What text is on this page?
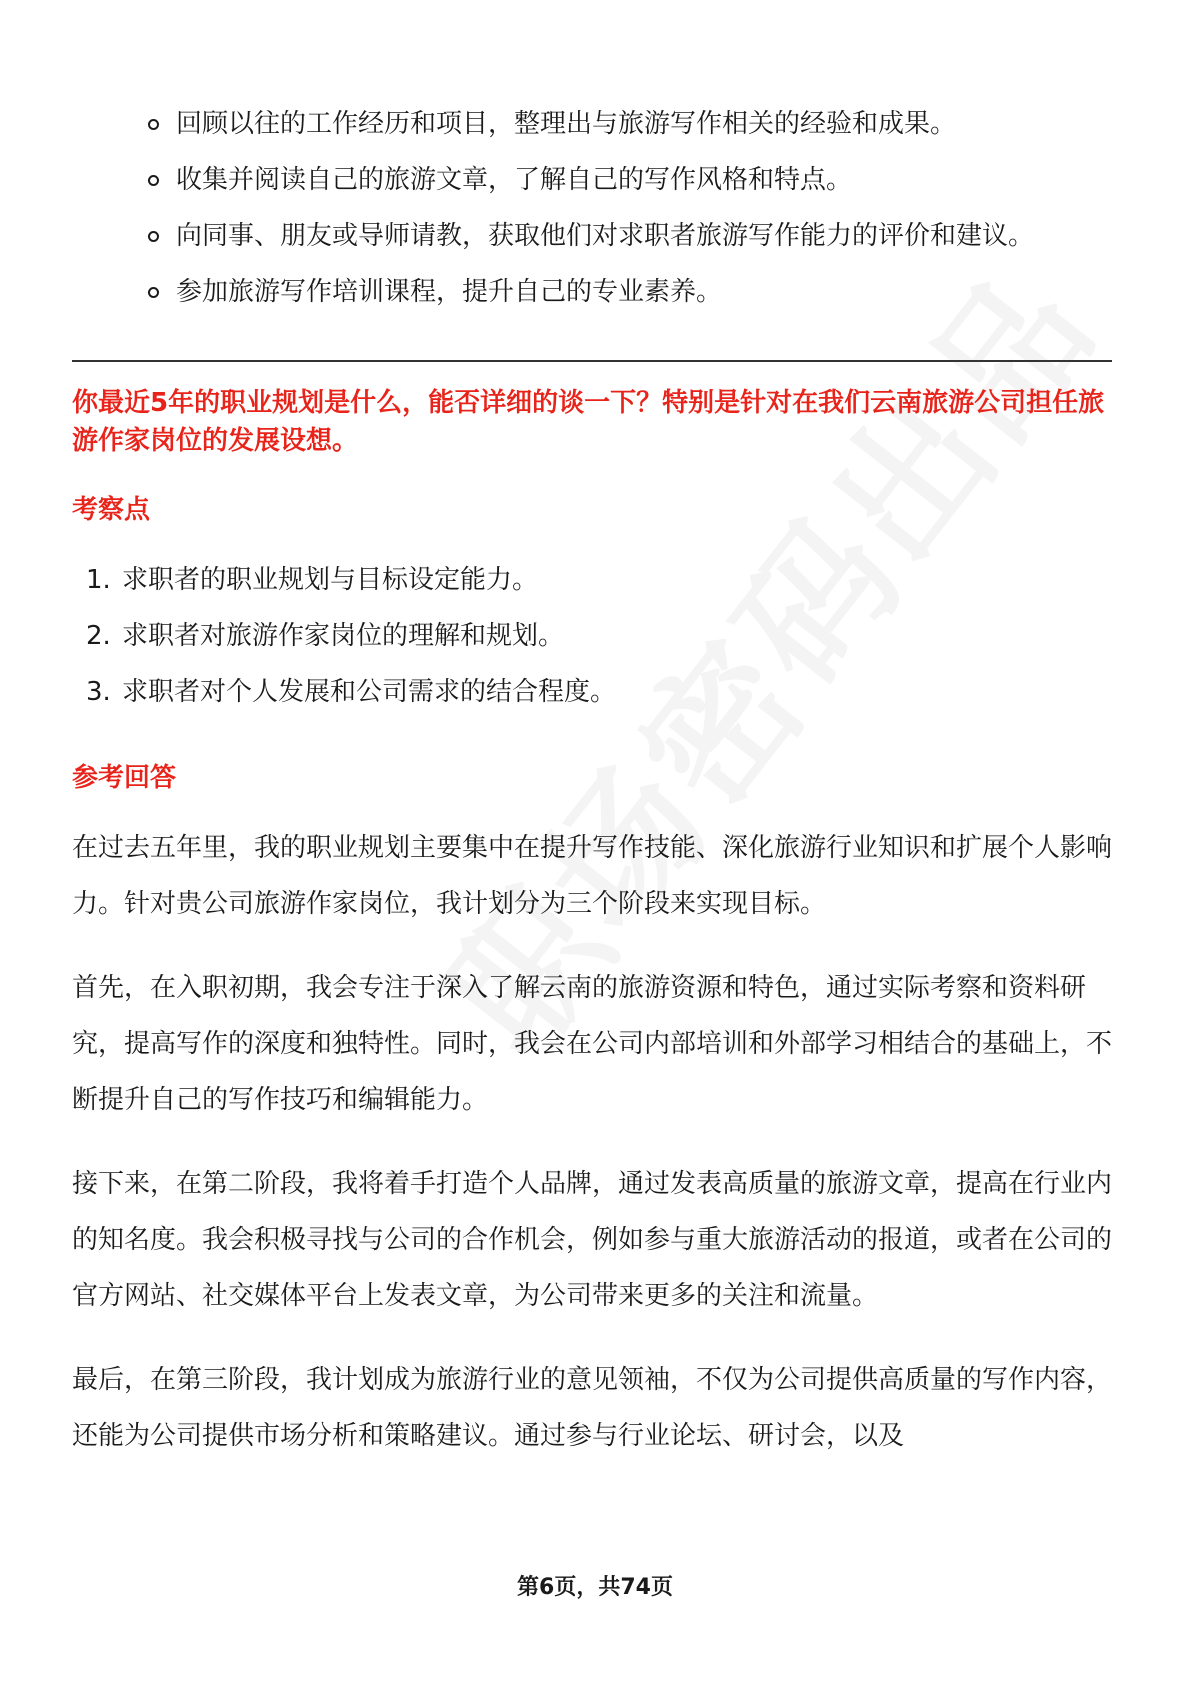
回顾以往的工作经历和项目，整理出与旅游写作相关的经验和成果。
收集并阅读自己的旅游文章，了解自己的写作风格和特点。
向同事、朋友或导师请教，获取他们对求职者旅游写作能力的评价和建议。
参加旅游写作培训课程，提升自己的专业素养。
你最近5年的职业规划是什么，能否详细的谈一下？特别是针对在我们云南旅游公司担任旅游作家岗位的发展设想。
考察点
1. 求职者的职业规划与目标设定能力。
2. 求职者对旅游作家岗位的理解和规划。
3. 求职者对个人发展和公司需求的结合程度。
参考回答

在过去五年里，我的职业规划主要集中在提升写作技能、深化旅游行业知识和扩展个人影响力。针对贵公司旅游作家岗位，我计划分为三个阶段来实现目标。

首先，在入职初期，我会专注于深入了解云南的旅游资源和特色，通过实际考察和资料研究，提高写作的深度和独特性。同时，我会在公司内部培训和外部学习相结合的基础上，不断提升自己的写作技巧和编辑能力。

接下来，在第二阶段，我将着手打造个人品牌，通过发表高质量的旅游文章，提高在行业内的知名度。我会积极寻找与公司的合作机会，例如参与重大旅游活动的报道，或者在公司的官方网站、社交媒体平台上发表文章，为公司带来更多的关注和流量。

最后，在第三阶段，我计划成为旅游行业的意见领袖，不仅为公司提供高质量的写作内容，还能为公司提供市场分析和策略建议。通过参与行业论坛、研讨会，以及

第6页，共74页
